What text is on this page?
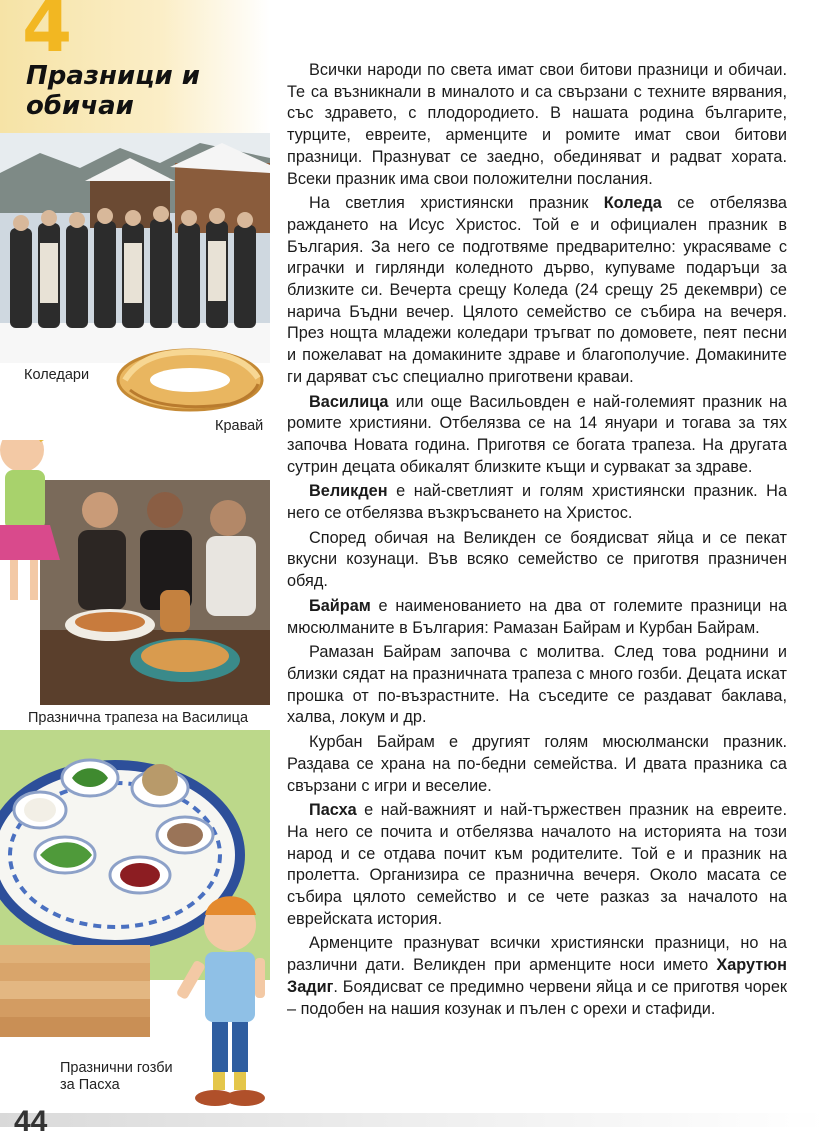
4
Празници и обичаи
Коледари
Кравай
Празнична трапеза на Василица
Празнични гозби
за Пасха

Всички народи по света имат свои битови празници и обичаи. Те са възникнали в миналото и са свързани с техните вярвания, със здравето, с плодородието. В нашата родина българите, турците, евреите, арменците и ромите имат свои битови празници. Празнуват се заедно, обединяват и радват хората. Всеки празник има свои положителни послания.

На светлия християнски празник Коледа се отбелязва раждането на Исус Христос. Той е и официален празник в България. За него се подготвяме предварително: украсяваме с играчки и гирлянди коледното дърво, купуваме подаръци за близките си. Вечерта срещу Коледа (24 срещу 25 декември) се нарича Бъдни вечер. Цялото семейство се събира на вечеря. През нощта младежи коледари тръгват по домовете, пеят песни и пожелават на домакините здраве и благополучие. Домакините ги даряват със специално приготвени краваи.

Василица или още Васильовден е най-големият празник на ромите християни. Отбелязва се на 14 януари и тогава за тях започва Новата година. Приготвя се богата трапеза. На другата сутрин децата обикалят близките къщи и сурвакат за здраве.

Великден е най-светлият и голям християнски празник. На него се отбелязва възкръсването на Христос.

Според обичая на Великден се боядисват яйца и се пекат вкусни козунаци. Във всяко семейство се приготвя празничен обяд.

Байрам е наименованието на два от големите празници на мюсюлманите в България: Рамазан Байрам и Курбан Байрам.

Рамазан Байрам започва с молитва. След това роднини и близки сядат на празничната трапеза с много гозби. Децата искат прошка от по-възрастните. На съседите се раздават баклава, халва, локум и др.

Курбан Байрам е другият голям мюсюлмански празник. Раздава се храна на по-бедни семейства. И двата празника са свързани с игри и веселие.

Пасха е най-важният и най-тържествен празник на евреите. На него се почита и отбелязва началото на историята на този народ и се отдава почит към родителите. Той е и празник на пролетта. Организира се празнична вечеря. Около масата се събира цялото семейство и се чете разказ за началото на еврейската история.

Арменците празнуват всички християнски празници, но на различни дати. Великден при арменците носи името Харутюн Задиг. Боядисват се предимно червени яйца и се приготвя чорек – подобен на нашия козунак и пълен с орехи и стафиди.

44
